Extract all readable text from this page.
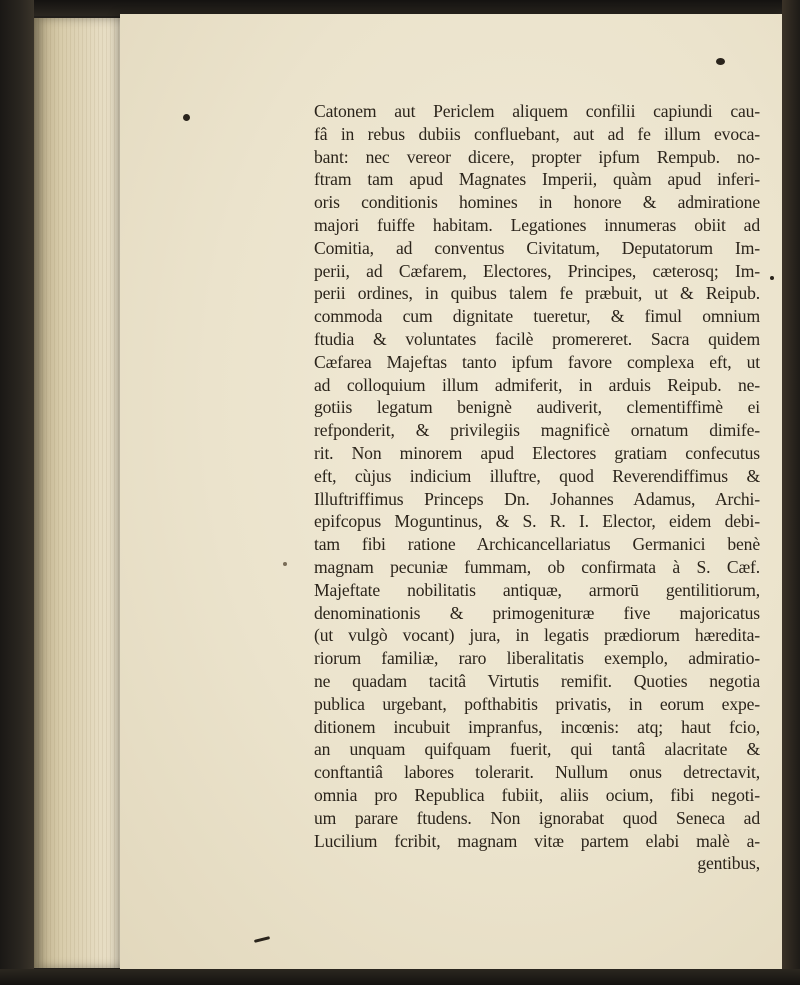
Catonem aut Periclem aliquem confilii capiundi cau-
fâ in rebus dubiis confluebant, aut ad fe illum evoca-
bant: nec vereor dicere, propter ipfum Rempub. no-
ftram tam apud Magnates Imperii, quàm apud inferi-
oris conditionis homines in honore & admiratione
majori fuiffe habitam. Legationes innumeras obiit ad
Comitia, ad conventus Civitatum, Deputatorum Im-
perii, ad Cæfarem, Electores, Principes, cæterosq; Im-
perii ordines, in quibus talem fe præbuit, ut & Reipub.
commoda cum dignitate tueretur, & fimul omnium
ftudia & voluntates facilè promereret. Sacra quidem
Cæfarea Majeftas tanto ipfum favore complexa eft, ut
ad colloquium illum admiferit, in arduis Reipub. ne-
gotiis legatum benignè audiverit, clementiffimè ei
refponderit, & privilegiis magnificè ornatum dimife-
rit. Non minorem apud Electores gratiam confecutus
eft, cùjus indicium illuftre, quod Reverendiffimus &
Illuftriffimus Princeps Dn. Johannes Adamus, Archi-
epifcopus Moguntinus, & S. R. I. Elector, eidem debi-
tam fibi ratione Archicancellariatus Germanici benè
magnam pecuniæ fummam, ob confirmata à S. Cæf.
Majeftate nobilitatis antiquæ, armorū gentilitiorum,
denominationis & primogenituræ five majoricatus
(ut vulgò vocant) jura, in legatis prædiorum hæredita-
riorum familiæ, raro liberalitatis exemplo, admiratio-
ne quadam tacitâ Virtutis remifit. Quoties negotia
publica urgebant, pofthabitis privatis, in eorum expe-
ditionem incubuit impranfus, incœnis: atq; haut fcio,
an unquam quifquam fuerit, qui tantâ alacritate &
conftantiâ labores tolerarit. Nullum onus detrectavit,
omnia pro Republica fubiit, aliis ocium, fibi negoti-
um parare ftudens. Non ignorabat quod Seneca ad
Lucilium fcribit, magnam vitæ partem elabi malè a-
gentibus,
